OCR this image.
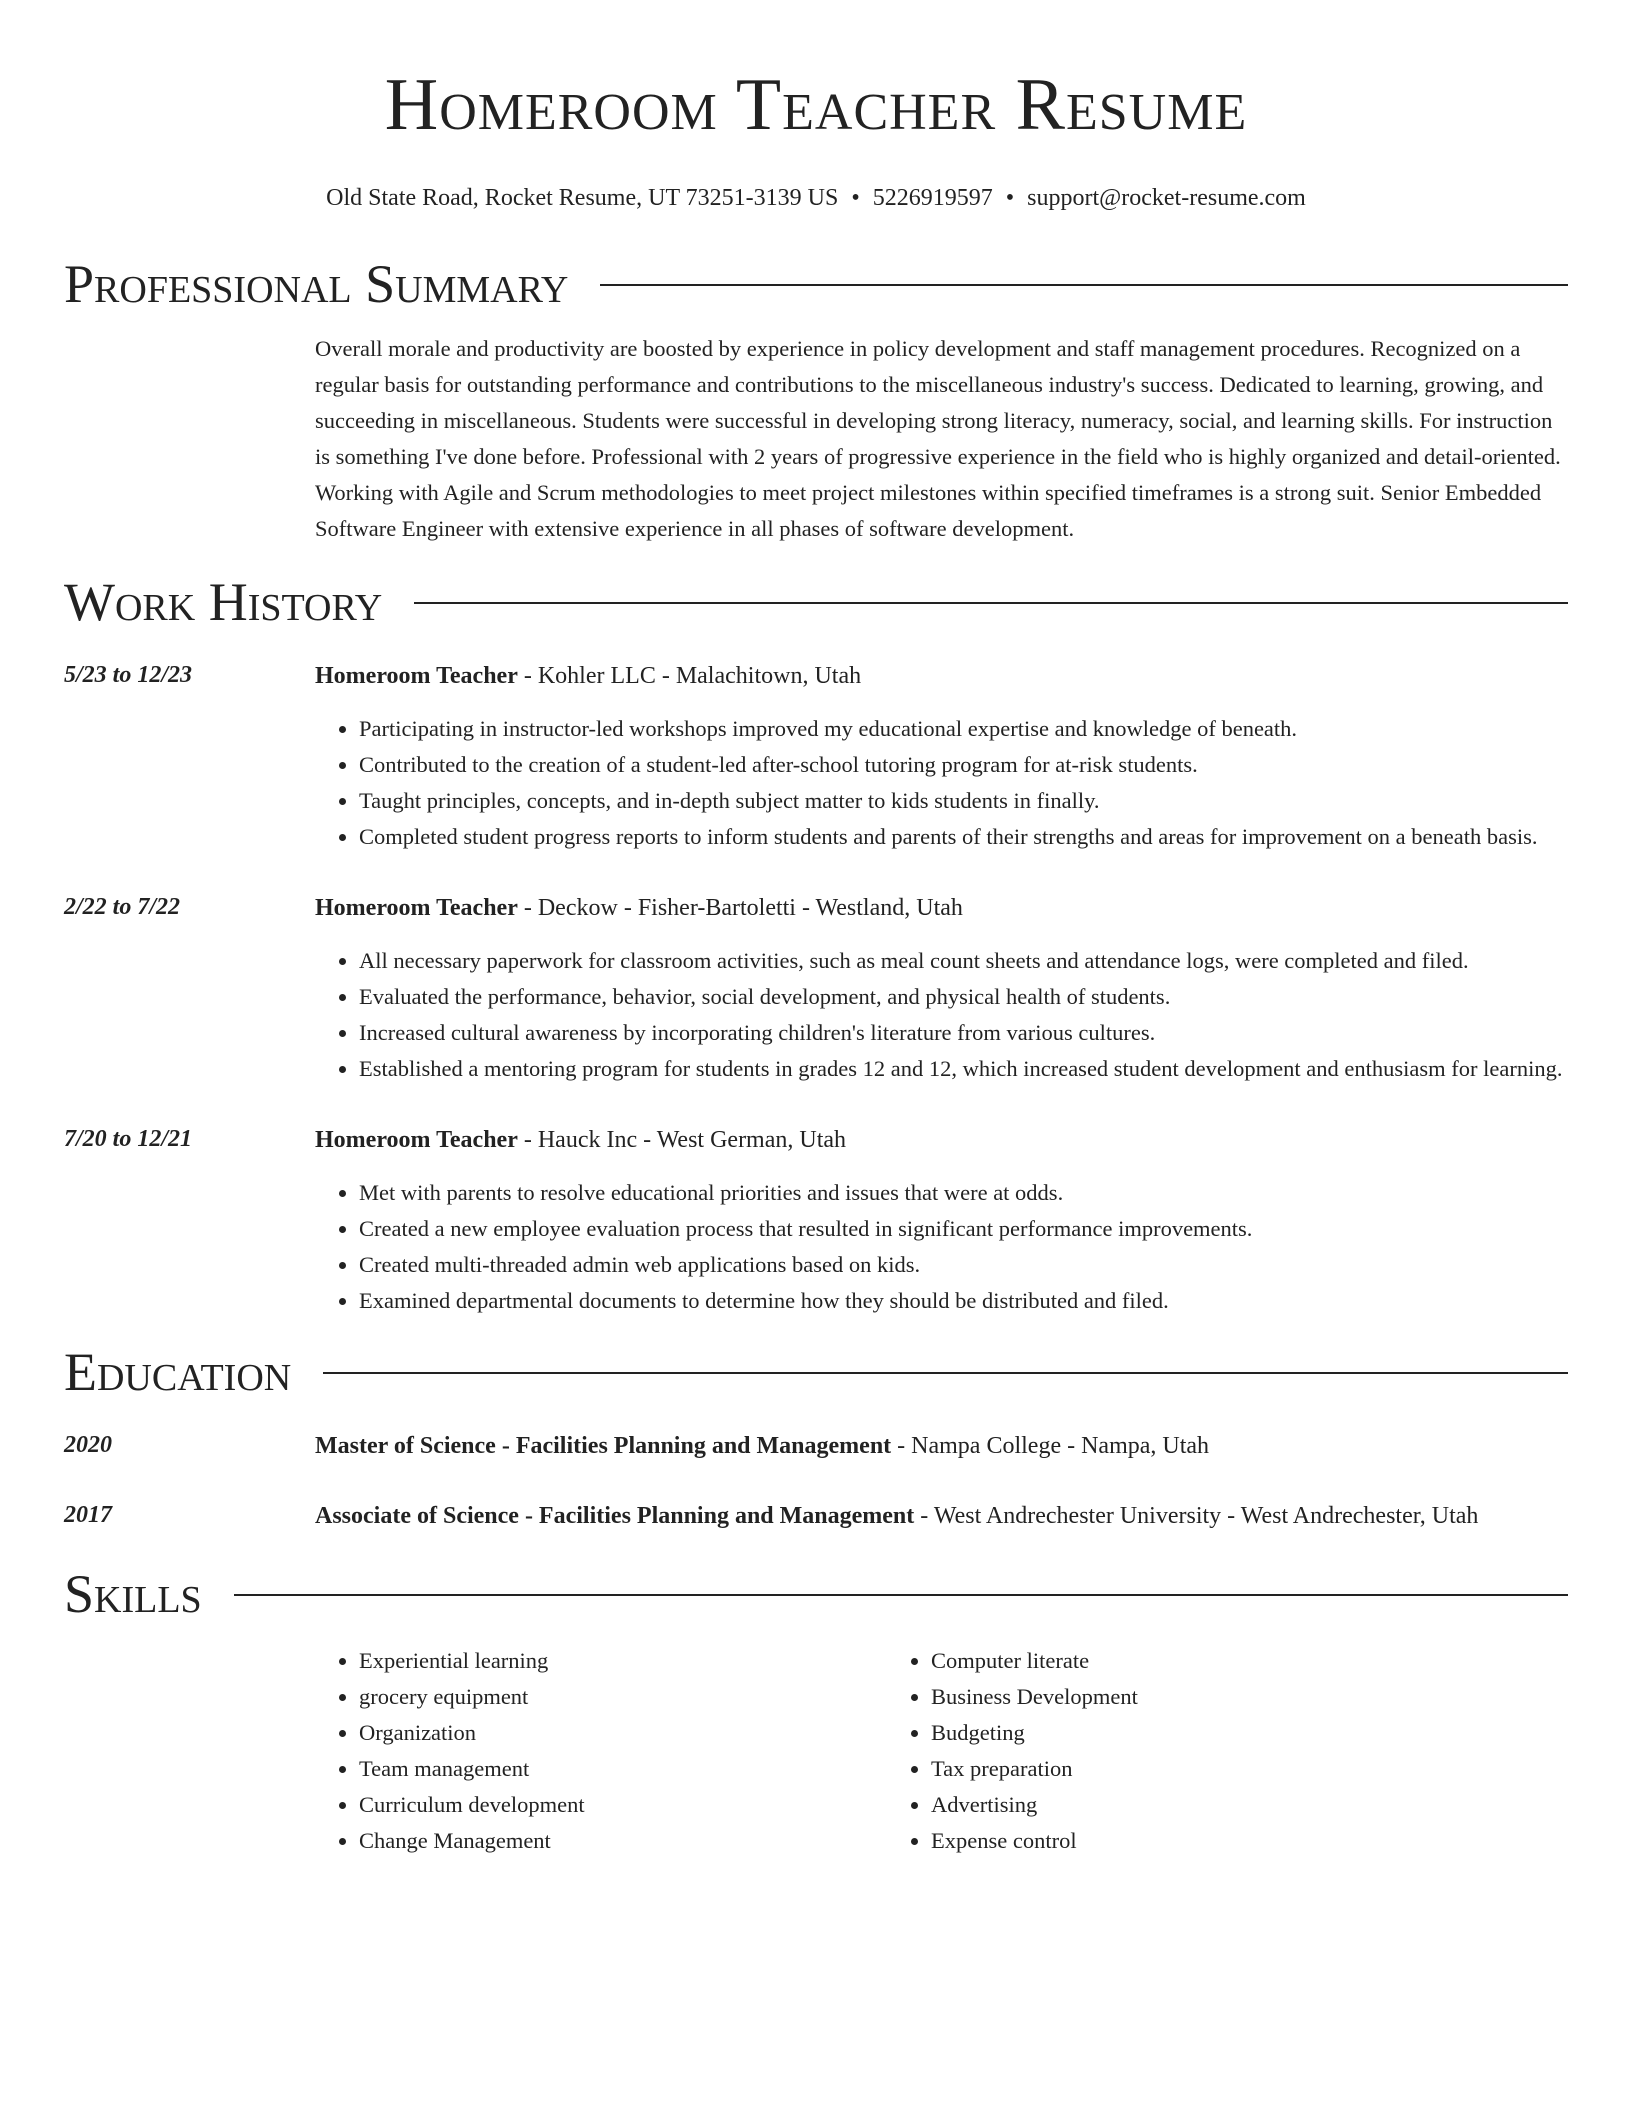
Homeroom Teacher Resume
Old State Road, Rocket Resume, UT 73251-3139 US • 5226919597 • support@rocket-resume.com
Professional Summary
Overall morale and productivity are boosted by experience in policy development and staff management procedures. Recognized on a regular basis for outstanding performance and contributions to the miscellaneous industry's success. Dedicated to learning, growing, and succeeding in miscellaneous. Students were successful in developing strong literacy, numeracy, social, and learning skills. For instruction is something I've done before. Professional with 2 years of progressive experience in the field who is highly organized and detail-oriented. Working with Agile and Scrum methodologies to meet project milestones within specified timeframes is a strong suit. Senior Embedded Software Engineer with extensive experience in all phases of software development.
Work History
5/23 to 12/23	Homeroom Teacher - Kohler LLC - Malachitown, Utah
• Participating in instructor-led workshops improved my educational expertise and knowledge of beneath.
• Contributed to the creation of a student-led after-school tutoring program for at-risk students.
• Taught principles, concepts, and in-depth subject matter to kids students in finally.
• Completed student progress reports to inform students and parents of their strengths and areas for improvement on a beneath basis.
2/22 to 7/22	Homeroom Teacher - Deckow - Fisher-Bartoletti - Westland, Utah
• All necessary paperwork for classroom activities, such as meal count sheets and attendance logs, were completed and filed.
• Evaluated the performance, behavior, social development, and physical health of students.
• Increased cultural awareness by incorporating children's literature from various cultures.
• Established a mentoring program for students in grades 12 and 12, which increased student development and enthusiasm for learning.
7/20 to 12/21	Homeroom Teacher - Hauck Inc - West German, Utah
• Met with parents to resolve educational priorities and issues that were at odds.
• Created a new employee evaluation process that resulted in significant performance improvements.
• Created multi-threaded admin web applications based on kids.
• Examined departmental documents to determine how they should be distributed and filed.
Education
2020	Master of Science - Facilities Planning and Management - Nampa College - Nampa, Utah
2017	Associate of Science - Facilities Planning and Management - West Andrechester University - West Andrechester, Utah
Skills
• Experiential learning
• grocery equipment
• Organization
• Team management
• Curriculum development
• Change Management
• Computer literate
• Business Development
• Budgeting
• Tax preparation
• Advertising
• Expense control
